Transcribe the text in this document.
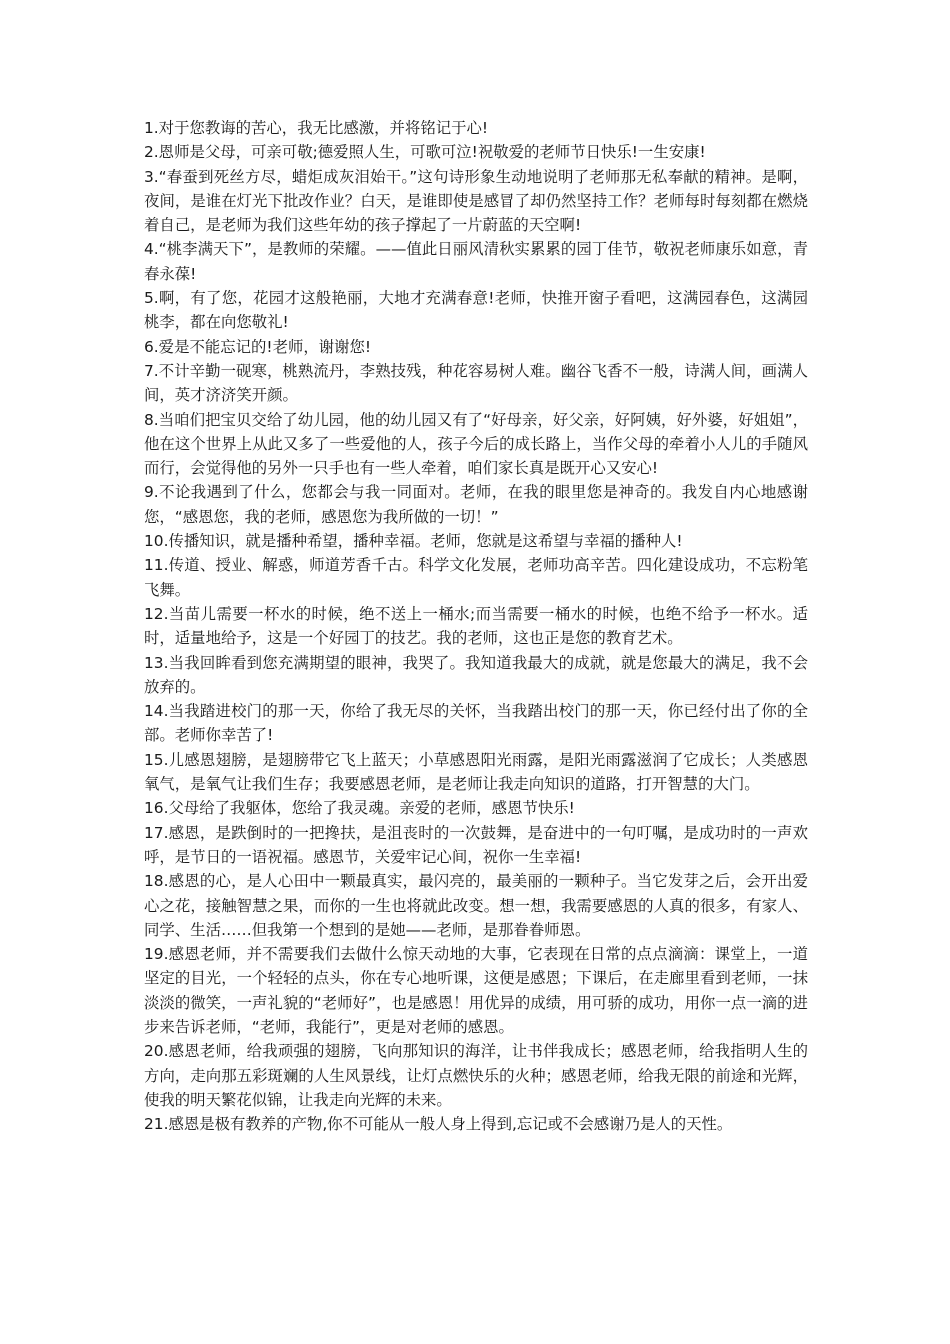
1.对于您教诲的苦心，我无比感激，并将铭记于心!

2.恩师是父母，可亲可敬;德爱照人生，可歌可泣!祝敬爱的老师节日快乐!一生安康!

3.“春蚕到死丝方尽，蜡炬成灰泪始干。”这句诗形象生动地说明了老师那无私奉献的精神。是啊，夜间，是谁在灯光下批改作业？白天，是谁即使是感冒了却仍然坚持工作？老师每时每刻都在燃烧着自己，是老师为我们这些年幼的孩子撑起了一片蔚蓝的天空啊!

4.“桃李满天下”，是教师的荣耀。——值此日丽风清秋实累累的园丁佳节，敬祝老师康乐如意，青春永葆!

5.啊，有了您，花园才这般艳丽，大地才充满春意!老师，快推开窗子看吧，这满园春色，这满园桃李，都在向您敬礼!

6.爱是不能忘记的!老师，谢谢您!

7.不计辛勤一砚寒，桃熟流丹，李熟技残，种花容易树人难。幽谷飞香不一般，诗满人间，画满人间，英才济济笑开颜。

8.当咱们把宝贝交给了幼儿园，他的幼儿园又有了“好母亲，好父亲，好阿姨，好外婆，好姐姐”，他在这个世界上从此又多了一些爱他的人，孩子今后的成长路上，当作父母的牵着小人儿的手随风而行，会觉得他的另外一只手也有一些人牵着，咱们家长真是既开心又安心!

9.不论我遇到了什么，您都会与我一同面对。老师，在我的眼里您是神奇的。我发自内心地感谢您，“感恩您，我的老师，感恩您为我所做的一切！”

10.传播知识，就是播种希望，播种幸福。老师，您就是这希望与幸福的播种人!

11.传道、授业、解惑，师道芳香千古。科学文化发展，老师功高辛苦。四化建设成功，不忘粉笔飞舞。

12.当苗儿需要一杯水的时候，绝不送上一桶水;而当需要一桶水的时候，也绝不给予一杯水。适时，适量地给予，这是一个好园丁的技艺。我的老师，这也正是您的教育艺术。

13.当我回眸看到您充满期望的眼神，我哭了。我知道我最大的成就，就是您最大的满足，我不会放弃的。

14.当我踏进校门的那一天，你给了我无尽的关怀，当我踏出校门的那一天，你已经付出了你的全部。老师你幸苦了!

15.儿感恩翅膀，是翅膀带它飞上蓝天；小草感恩阳光雨露，是阳光雨露滋润了它成长；人类感恩氧气，是氧气让我们生存；我要感恩老师，是老师让我走向知识的道路，打开智慧的大门。

16.父母给了我躯体，您给了我灵魂。亲爱的老师，感恩节快乐!

17.感恩，是跌倒时的一把搀扶，是沮丧时的一次鼓舞，是奋进中的一句叮嘱，是成功时的一声欢呼，是节日的一语祝福。感恩节，关爱牢记心间，祝你一生幸福!

18.感恩的心，是人心田中一颗最真实，最闪亮的，最美丽的一颗种子。当它发芽之后，会开出爱心之花，接触智慧之果，而你的一生也将就此改变。想一想，我需要感恩的人真的很多，有家人、同学、生活……但我第一个想到的是她——老师，是那眷眷师恩。

19.感恩老师，并不需要我们去做什么惊天动地的大事，它表现在日常的点点滴滴：课堂上，一道坚定的目光，一个轻轻的点头，你在专心地听课，这便是感恩；下课后，在走廊里看到老师，一抹淡淡的微笑，一声礼貌的“老师好”，也是感恩！用优异的成绩，用可骄的成功，用你一点一滴的进步来告诉老师，“老师，我能行”，更是对老师的感恩。

20.感恩老师，给我顽强的翅膀，飞向那知识的海洋，让书伴我成长；感恩老师，给我指明人生的方向，走向那五彩斑斓的人生风景线，让灯点燃快乐的火种；感恩老师，给我无限的前途和光辉，使我的明天繁花似锦，让我走向光辉的未来。

21.感恩是极有教养的产物,你不可能从一般人身上得到,忘记或不会感谢乃是人的天性。
